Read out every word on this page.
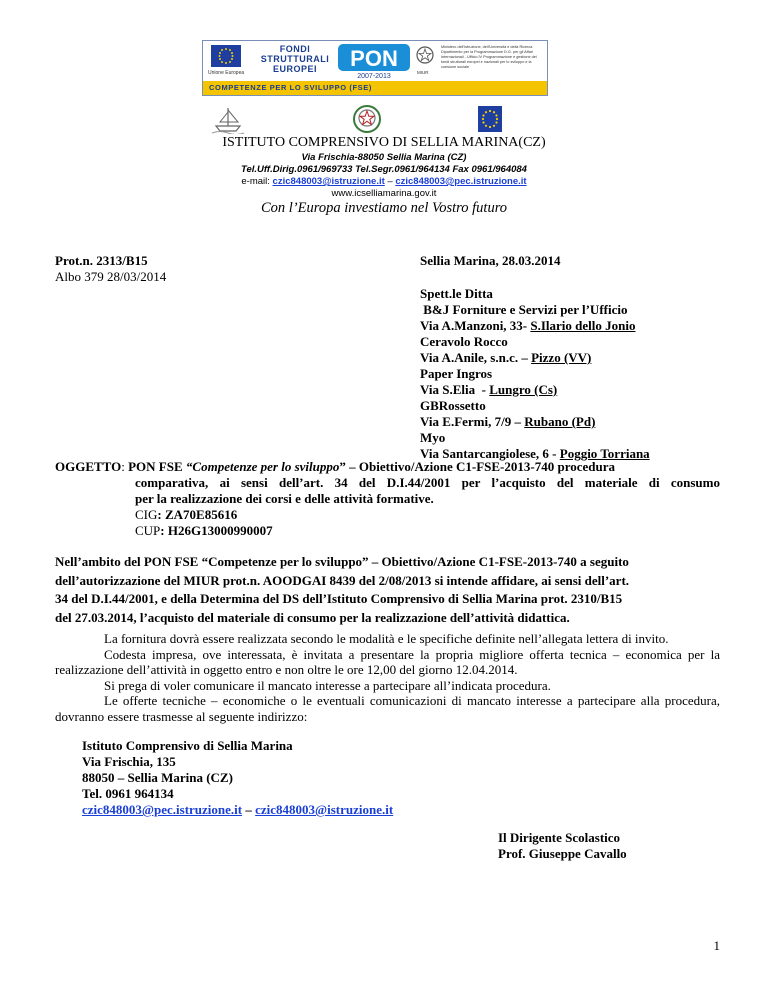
Unione Europea
FONDI
STRUTTURALI
EUROPEI	PON
2007-2013
MIUR
Ministero dell'Istruzione, dell'Università e della Ricerca Dipartimento per la Programmazione D.G. per gli Affari Internazionali - Ufficio IV Programmazione e gestione dei fondi strutturali europei e nazionali per lo sviluppo e la coesione sociale
COMPETENZE PER LO SVILUPPO (FSE)
ISTITUTO COMPRENSIVO DI SELLIA MARINA(CZ)
Via Frischia-88050 Sellia Marina (CZ)
Tel.Uff.Dirig.0961/969733 Tel.Segr.0961/964134 Fax 0961/964084
e-mail: czic848003@istruzione.it – czic848003@pec.istruzione.it
www.icselliamarina.gov.it
Con l’Europa investiamo nel Vostro futuro
Prot.n. 2313/B15
Albo 379 28/03/2014
Sellia Marina, 28.03.2014
Spett.le Ditta
B&J Forniture e Servizi per l’Ufficio
Via A.Manzoni, 33- S.Ilario dello Jonio
Ceravolo Rocco
Via A.Anile, s.n.c. – Pizzo (VV)
Paper Ingros
Via S.Elia  - Lungro (Cs)
GBRossetto
Via E.Fermi, 7/9 – Rubano (Pd)
Myo
Via Santarcangiolese, 6 - Poggio Torriana
OGGETTO: PON FSE “Competenze per lo sviluppo” – Obiettivo/Azione C1-FSE-2013-740 procedura
comparativa, ai sensi dell’art. 34 del D.I.44/2001 per l’acquisto del materiale di consumo
per la realizzazione dei corsi e delle attività formative.
CIG: ZA70E85616
CUP: H26G13000990007
Nell’ambito del PON FSE “Competenze per lo sviluppo” – Obiettivo/Azione C1-FSE-2013-740 a seguito
dell’autorizzazione del MIUR prot.n. AOODGAI 8439 del 2/08/2013 si intende affidare, ai sensi dell’art.
34 del D.I.44/2001, e della Determina del DS dell’Istituto Comprensivo di Sellia Marina prot. 2310/B15
del 27.03.2014, l’acquisto del materiale di consumo per la realizzazione dell’attività didattica.

La fornitura dovrà essere realizzata secondo le modalità e le specifiche definite nell’allegata lettera di invito.

Codesta impresa, ove interessata, è invitata a presentare la propria migliore offerta tecnica – economica per la realizzazione dell’attività in oggetto entro e non oltre le ore 12,00 del giorno 12.04.2014.

Si prega di voler comunicare il mancato interesse a partecipare all’indicata procedura.

Le offerte tecniche – economiche o le eventuali comunicazioni di mancato interesse a partecipare alla procedura, dovranno essere trasmesse al seguente indirizzo:

Istituto Comprensivo di Sellia Marina
Via Frischia, 135
88050 – Sellia Marina (CZ)
Tel. 0961 964134
czic848003@pec.istruzione.it – czic848003@istruzione.it
Il Dirigente Scolastico
Prof. Giuseppe Cavallo
1
